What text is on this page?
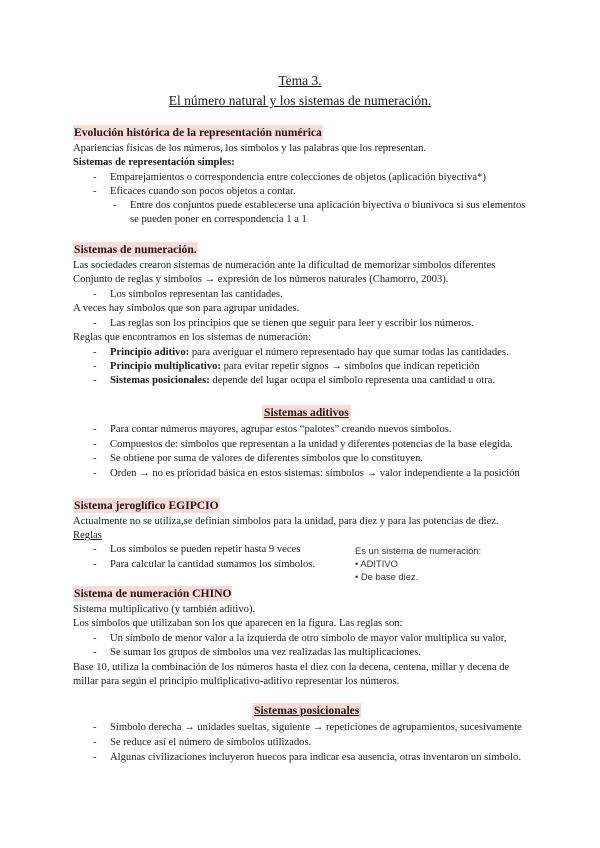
Tema 3.
El número natural y los sistemas de numeración.
Evolución histórica de la representación numérica
Apariencias físicas de los números, los símbolos y las palabras que los representan.
Sistemas de representación simples:
- Emparejamientos o correspondencia entre colecciones de objetos (aplicación biyectiva*)
- Eficaces cuando son pocos objetos a contar.
- Entre dos conjuntos puede establecerse una aplicación biyectiva o biunívoca si sus elementos
se pueden poner en correspondencia 1 a 1
Sistemas de numeración.
Las sociedades crearon sistemas de numeración ante la dificultad de memorizar símbolos diferentes
Conjunto de reglas y símbolos → expresión de los números naturales (Chamorro, 2003).
- Los símbolos representan las cantidades.
A veces hay símbolos que son para agrupar unidades.
- Las reglas son los principios que se tienen que seguir para leer y escribir los números.
Reglas que encontramos en los sistemas de numeración:
- Principio aditivo: para averiguar el número representado hay que sumar todas las cantidades.
- Principio multiplicativo: para evitar repetir signos → símbolos que indican repetición
- Sistemas posicionales: depende del lugar ocupa el símbolo representa una cantidad u otra.
Sistemas aditivos
- Para contar números mayores, agrupar estos “palotes” creando nuevos símbolos.
- Compuestos de: símbolos que representan a la unidad y diferentes potencias de la base elegida.
- Se obtiene por suma de valores de diferentes símbolos que lo constituyen.
- Orden → no es prioridad básica en estos sistemas: símbolos → valor independiente a la posición
Sistema jeroglífico EGIPCIO
Actualmente no se utiliza,se definían símbolos para la unidad, para diez y para las potencias de diez.
Reglas
- Los símbolos se pueden repetir hasta 9 veces
- Para calcular la cantidad sumamos los símbolos.
Es un sistema de numeración:
• ADITIVO
• De base diez.
Sistema de numeración CHINO
Sistema multiplicativo (y también aditivo).
Los símbolos que utilizaban son los que aparecen en la figura. Las reglas son:
- Un símbolo de menor valor a la izquierda de otro símbolo de mayor valor multiplica su valor,
- Se suman los grupos de símbolos una vez realizadas las multiplicaciones.
Base 10, utiliza la combinación de los números hasta el diez con la decena, centena, millar y decena de
millar para según el principio multiplicativo-aditivo representar los números.
Sistemas posicionales
- Símbolo derecha → unidades sueltas, siguiente → repeticiones de agrupamientos, sucesivamente
- Se reduce así el número de símbolos utilizados.
- Algunas civilizaciones incluyeron huecos para indicar esa ausencia, otras inventaron un símbolo.
